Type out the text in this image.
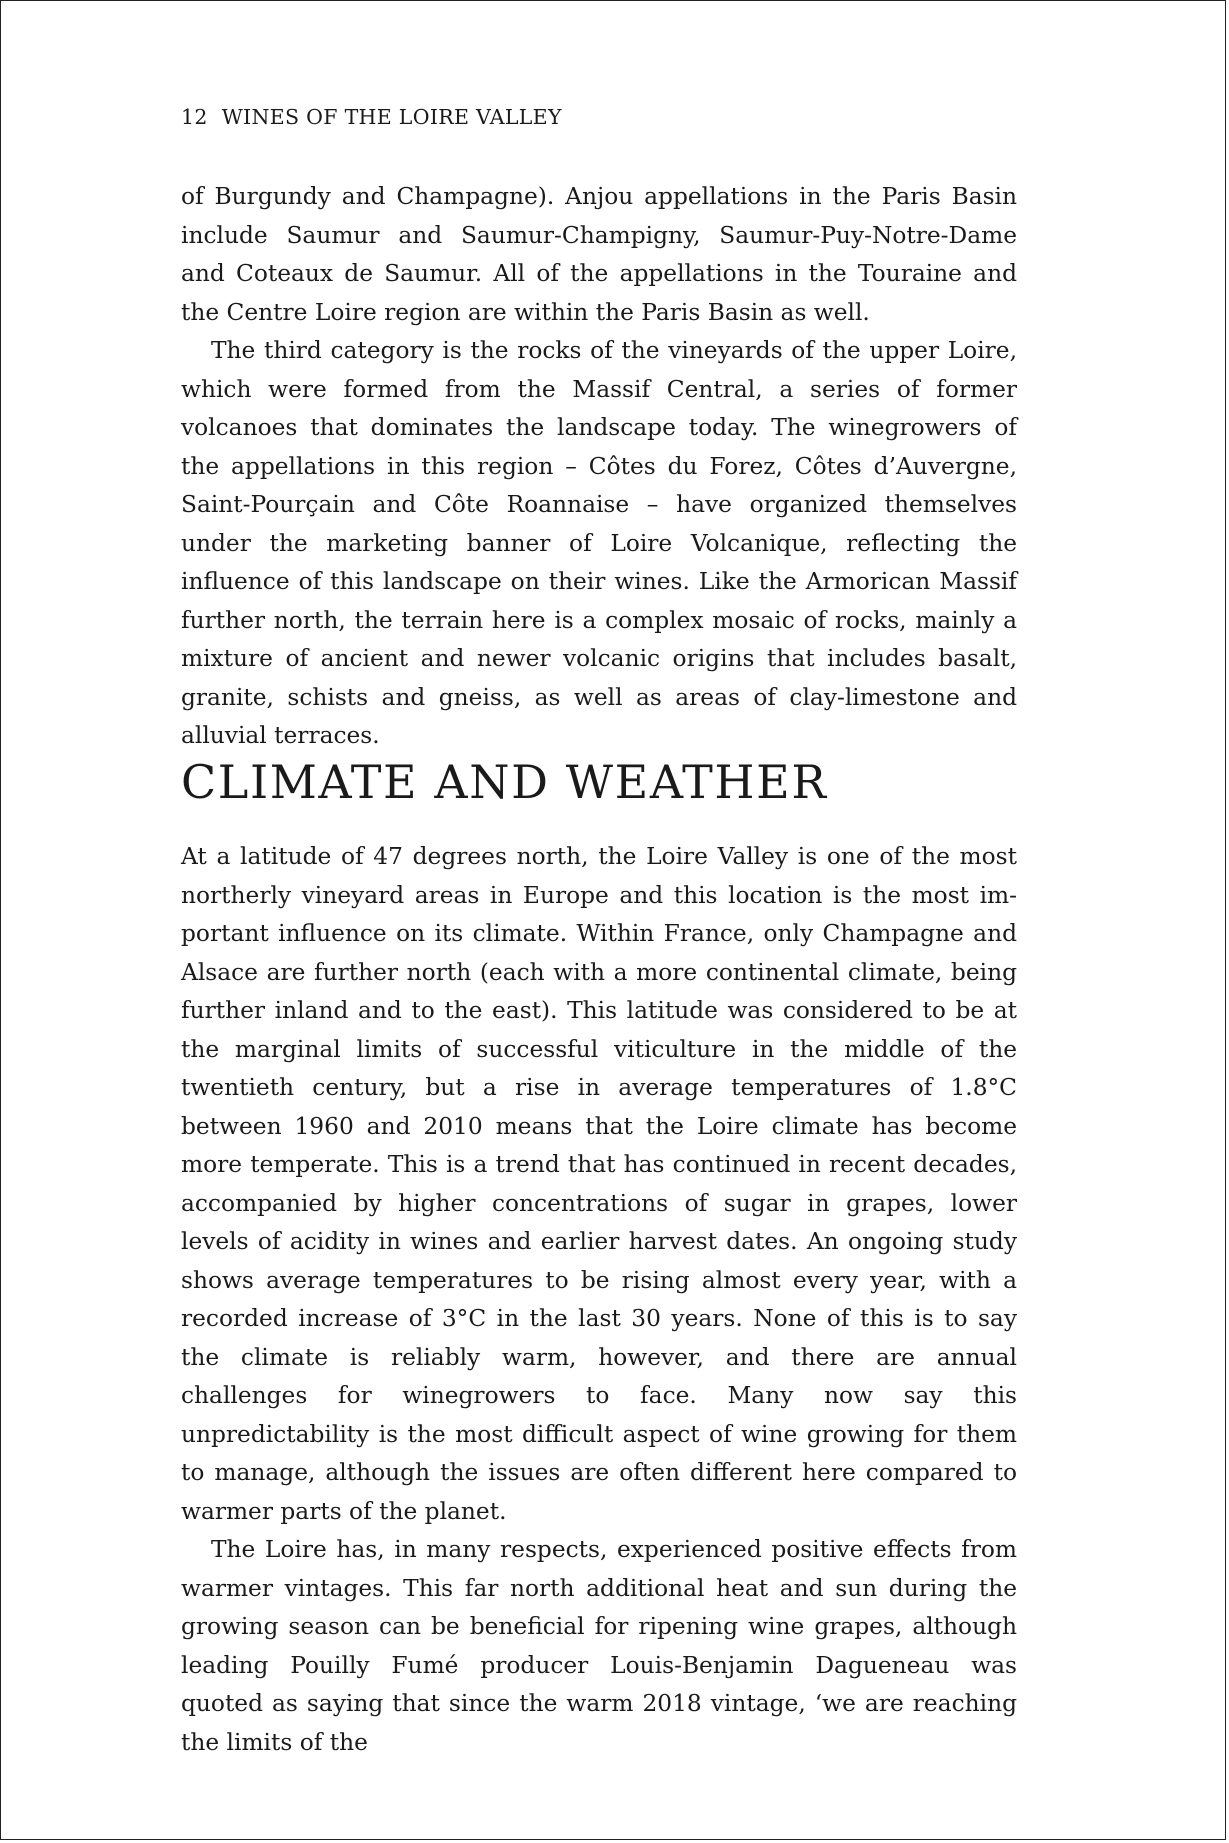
12 WINES OF THE LOIRE VALLEY

of Burgundy and Champagne). Anjou appellations in the Paris Basin include Saumur and Saumur-Champigny, Saumur-Puy-Notre-Dame and Coteaux de Saumur. All of the appellations in the Touraine and the Centre Loire region are within the Paris Basin as well.

The third category is the rocks of the vineyards of the upper Loire, which were formed from the Massif Central, a series of former volcanoes that dominates the landscape today. The winegrowers of the appellations in this region – Côtes du Forez, Côtes d’Auvergne, Saint-Pourçain and Côte Roannaise – have organized themselves under the marketing banner of Loire Volcanique, reflecting the influence of this landscape on their wines. Like the Armorican Massif further north, the terrain here is a complex mosaic of rocks, mainly a mixture of ancient and newer volcanic origins that includes basalt, granite, schists and gneiss, as well as areas of clay-limestone and alluvial terraces.

CLIMATE AND WEATHER

At a latitude of 47 degrees north, the Loire Valley is one of the most northerly vineyard areas in Europe and this location is the most important influence on its climate. Within France, only Champagne and Alsace are further north (each with a more continental climate, being further inland and to the east). This latitude was considered to be at the marginal limits of successful viticulture in the middle of the twentieth century, but a rise in average temperatures of 1.8°C between 1960 and 2010 means that the Loire climate has become more temperate. This is a trend that has continued in recent decades, accompanied by higher concentrations of sugar in grapes, lower levels of acidity in wines and earlier harvest dates. An ongoing study shows average temperatures to be rising almost every year, with a recorded increase of 3°C in the last 30 years. None of this is to say the climate is reliably warm, however, and there are annual challenges for winegrowers to face. Many now say this unpredictability is the most difficult aspect of wine growing for them to manage, although the issues are often different here compared to warmer parts of the planet.

The Loire has, in many respects, experienced positive effects from warmer vintages. This far north additional heat and sun during the growing season can be beneficial for ripening wine grapes, although leading Pouilly Fumé producer Louis-Benjamin Dagueneau was quoted as saying that since the warm 2018 vintage, ‘we are reaching the limits of the
